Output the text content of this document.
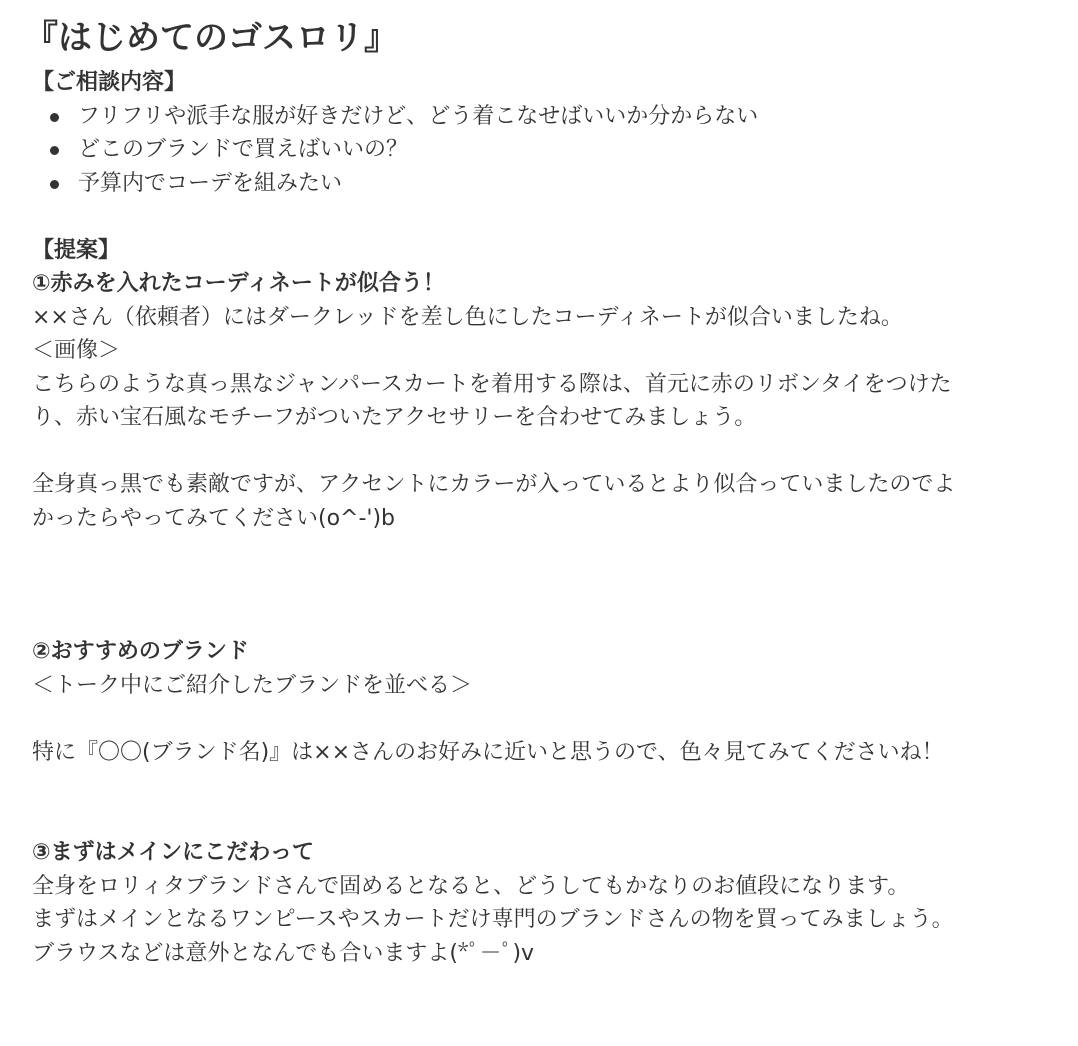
『はじめてのゴスロリ』

【ご相談内容】

フリフリや派手な服が好きだけど、どう着こなせばいいか分からない
どこのブランドで買えばいいの？
予算内でコーデを組みたい

【提案】

①赤みを入れたコーディネートが似合う！

××さん（依頼者）にはダークレッドを差し色にしたコーディネートが似合いましたね。

＜画像＞

こちらのような真っ黒なジャンパースカートを着用する際は、首元に赤のリボンタイをつけた

り、赤い宝石風なモチーフがついたアクセサリーを合わせてみましょう。

全身真っ黒でも素敵ですが、アクセントにカラーが入っているとより似合っていましたのでよ

かったらやってみてください(o^-')b

②おすすめのブランド

＜トーク中にご紹介したブランドを並べる＞

特に『〇〇(ブランド名)』は××さんのお好みに近いと思うので、色々見てみてくださいね！

③まずはメインにこだわって

全身をロリィタブランドさんで固めるとなると、どうしてもかなりのお値段になります。

まずはメインとなるワンピースやスカートだけ専門のブランドさんの物を買ってみましょう。

ブラウスなどは意外となんでも合いますよ(*ﾟ－ﾟ)v
